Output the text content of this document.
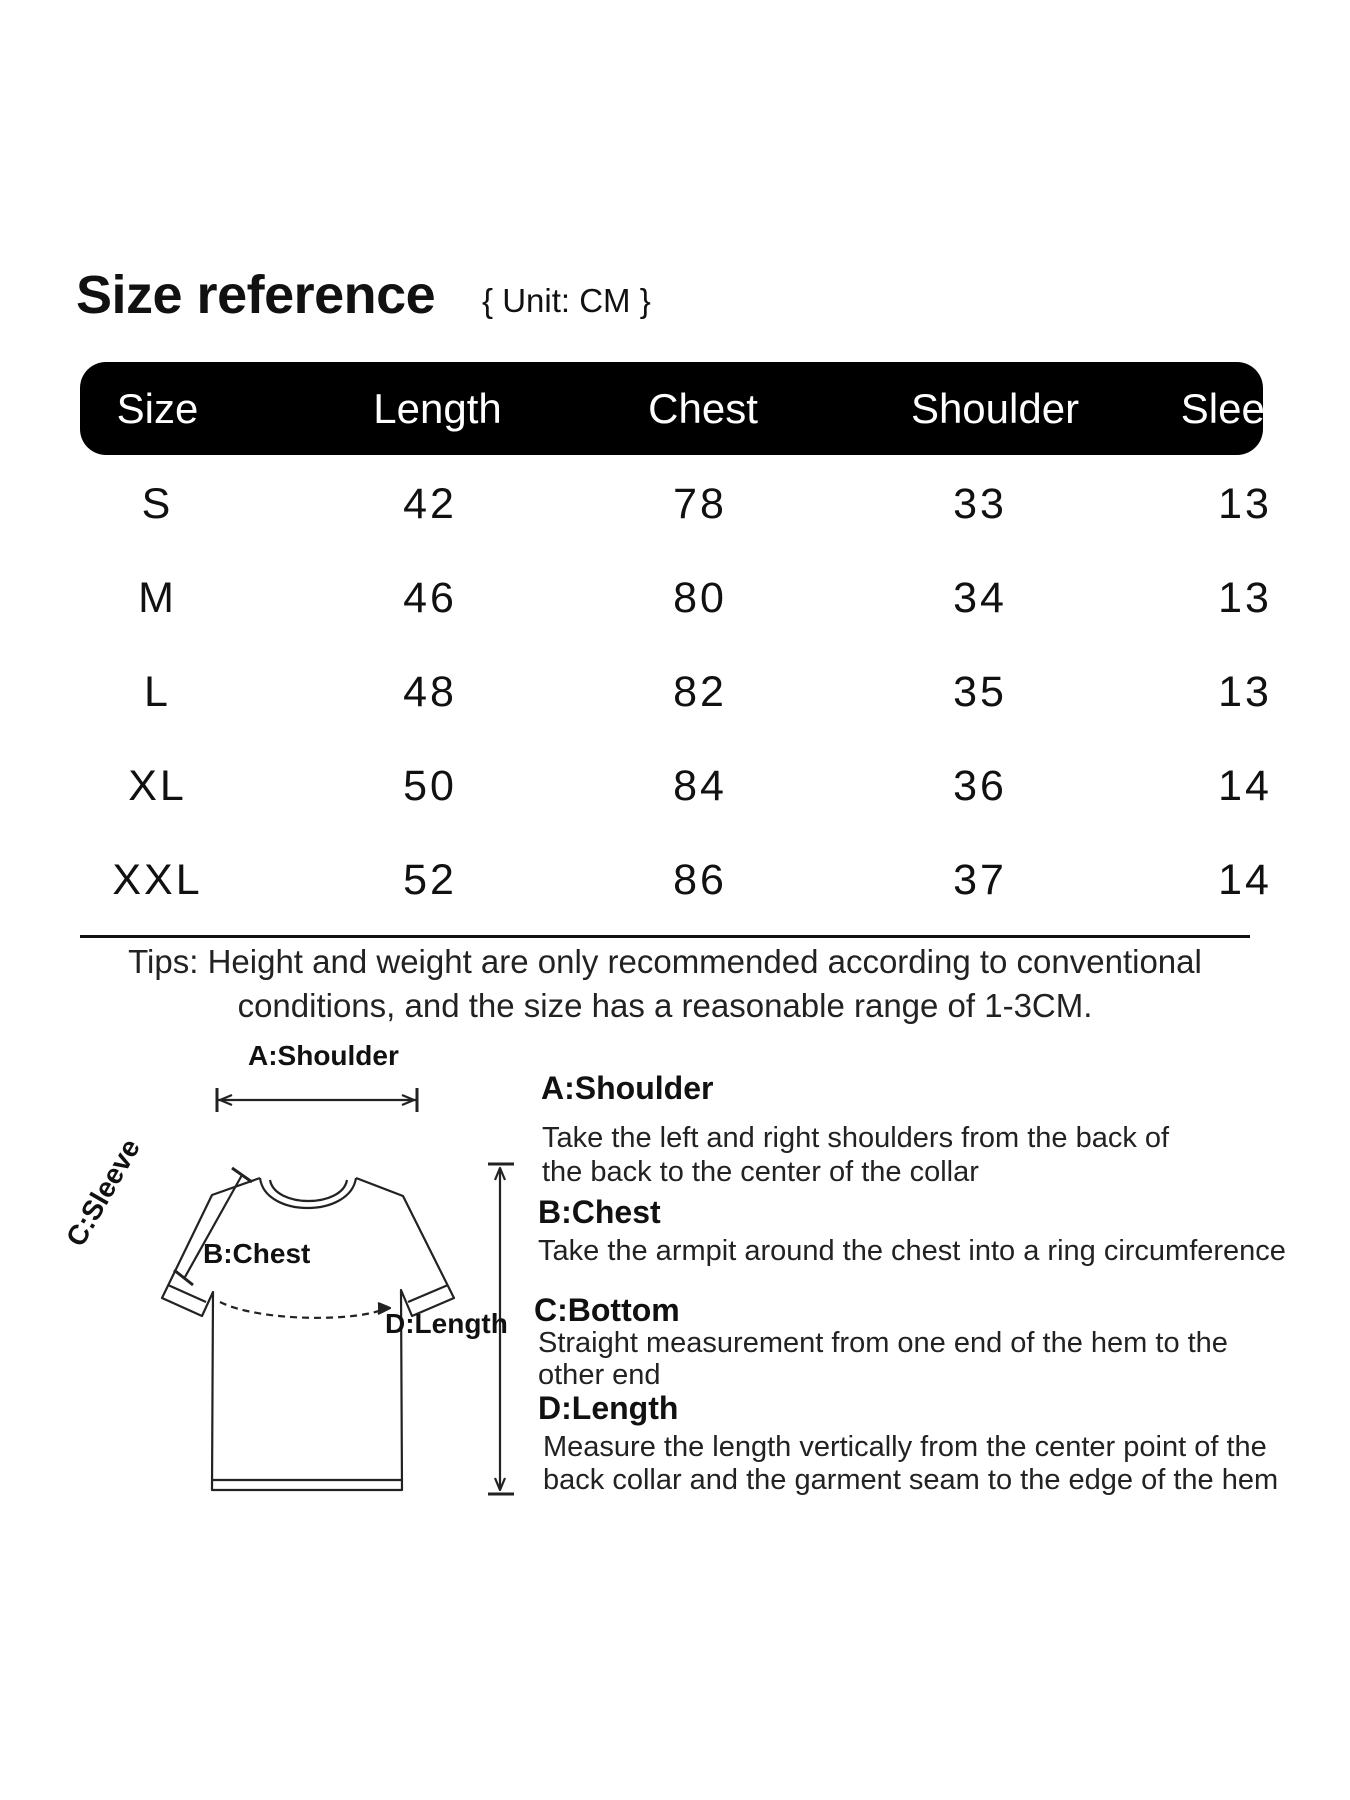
Size reference { Unit: CM }
Size	Length	Chest	Shoulder	Sleeve
S	42	78	33	13
M	46	80	34	13
L	48	82	35	13
XL	50	84	36	14
XXL	52	86	37	14
Tips: Height and weight are only recommended according to conventional
conditions, and the size has a reasonable range of 1-3CM.
A:Shoulder
B:Chest
C:Sleeve
D:Length
A:Shoulder
Take the left and right shoulders from the back of
the back to the center of the collar
B:Chest
Take the armpit around the chest into a ring circumference
C:Bottom
Straight measurement from one end of the hem to the
other end
D:Length
Measure the length vertically from the center point of the
back collar and the garment seam to the edge of the hem
